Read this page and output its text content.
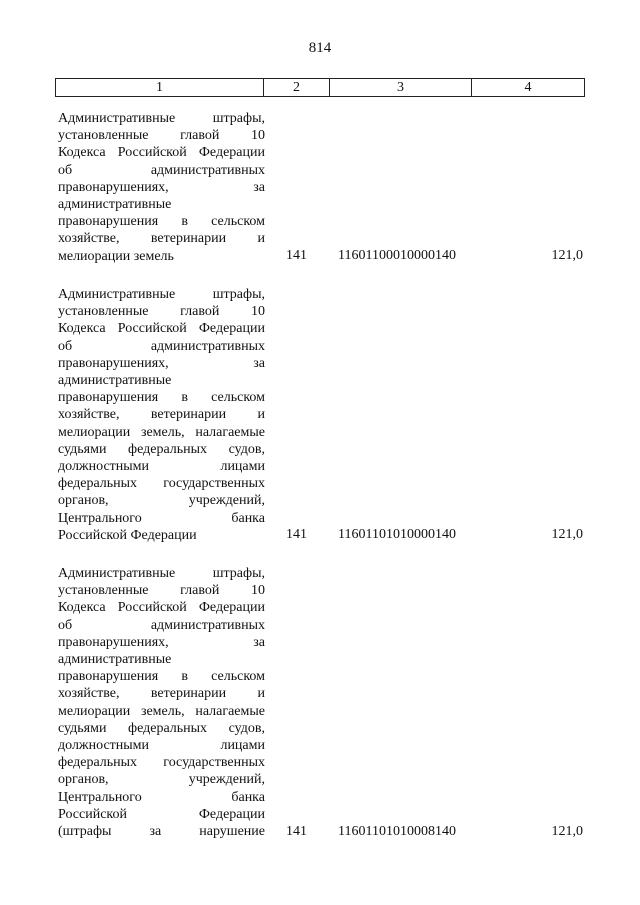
814
1	2	3	4
Административные штрафы,
установленные главой 10
Кодекса Российской Федерации
об административных
правонарушениях, за
административные
правонарушения в сельском
хозяйстве, ветеринарии и
мелиорации земель	141	11601100010000140	121,0
Административные штрафы,
установленные главой 10
Кодекса Российской Федерации
об административных
правонарушениях, за
административные
правонарушения в сельском
хозяйстве, ветеринарии и
мелиорации земель, налагаемые
судьями федеральных судов,
должностными лицами
федеральных государственных
органов, учреждений,
Центрального банка
Российской Федерации	141	11601101010000140	121,0
Административные штрафы,
установленные главой 10
Кодекса Российской Федерации
об административных
правонарушениях, за
административные
правонарушения в сельском
хозяйстве, ветеринарии и
мелиорации земель, налагаемые
судьями федеральных судов,
должностными лицами
федеральных государственных
органов, учреждений,
Центрального банка
Российской Федерации
(штрафы за нарушение 141	11601101010008140	121,0
